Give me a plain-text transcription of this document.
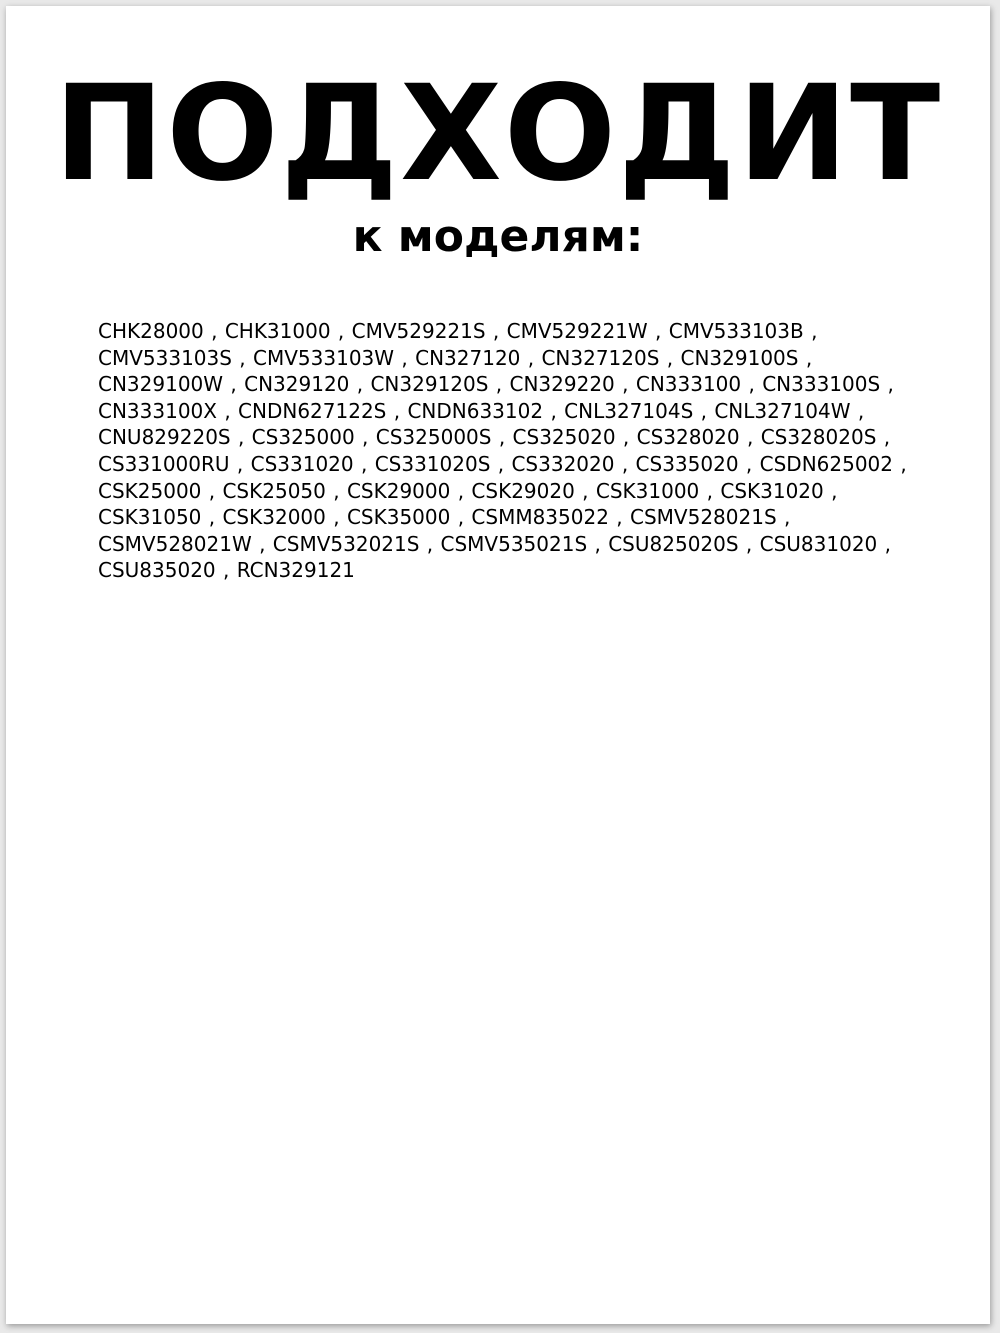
ПОДХОДИТ
к моделям:

CHK28000 , CHK31000 , CMV529221S , CMV529221W , CMV533103B , CMV533103S , CMV533103W , CN327120 , CN327120S , CN329100S , CN329100W , CN329120 , CN329120S , CN329220 , CN333100 , CN333100S , CN333100X , CNDN627122S , CNDN633102 , CNL327104S , CNL327104W , CNU829220S , CS325000 , CS325000S , CS325020 , CS328020 , CS328020S , CS331000RU , CS331020 , CS331020S , CS332020 , CS335020 , CSDN625002 , CSK25000 , CSK25050 , CSK29000 , CSK29020 , CSK31000 , CSK31020 , CSK31050 , CSK32000 , CSK35000 , CSMM835022 , CSMV528021S , CSMV528021W , CSMV532021S , CSMV535021S , CSU825020S , CSU831020 , CSU835020 , RCN329121
